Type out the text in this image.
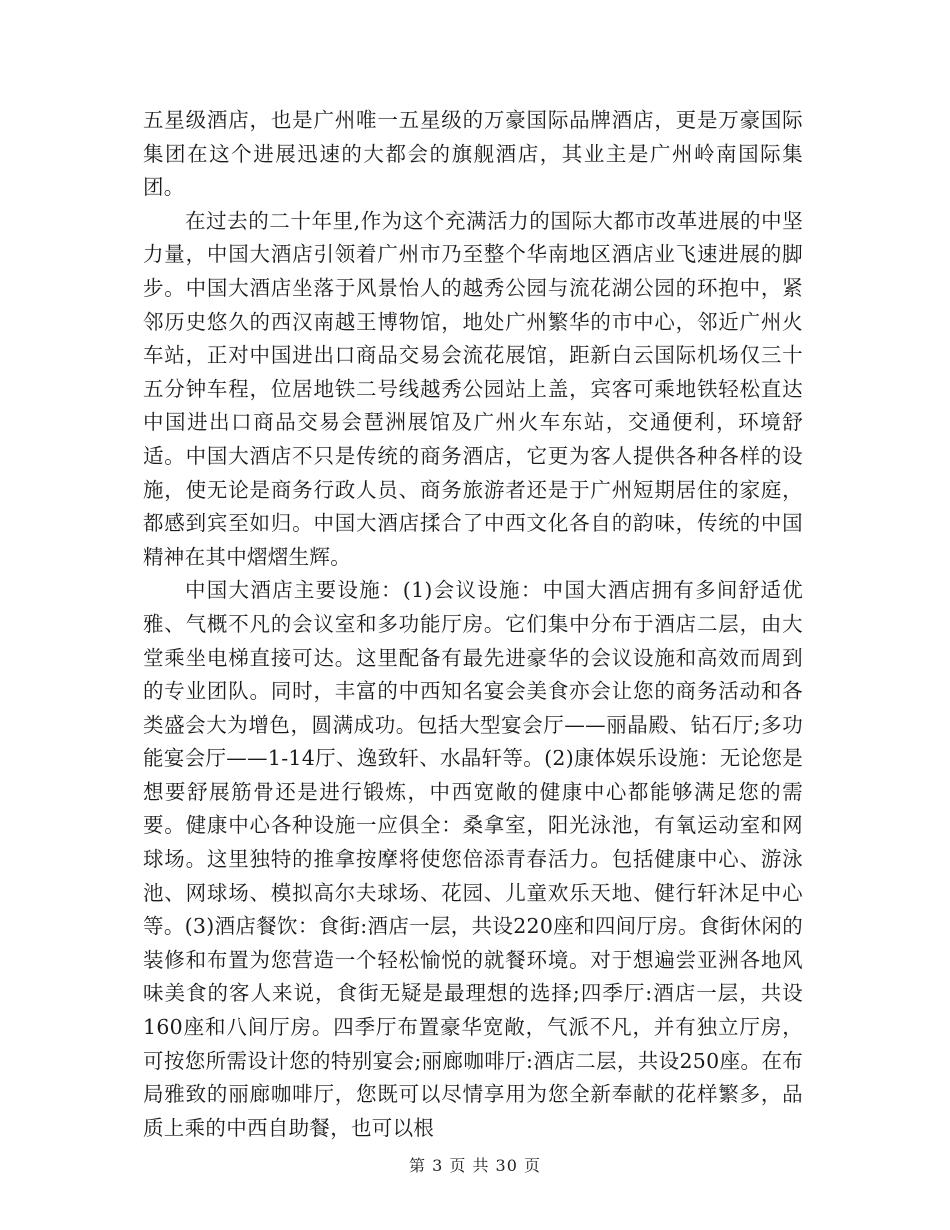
五星级酒店，也是广州唯一五星级的万豪国际品牌酒店，更是万豪国际集团在这个进展迅速的大都会的旗舰酒店，其业主是广州岭南国际集团。

在过去的二十年里,作为这个充满活力的国际大都市改革进展的中坚力量，中国大酒店引领着广州市乃至整个华南地区酒店业飞速进展的脚步。中国大酒店坐落于风景怡人的越秀公园与流花湖公园的环抱中，紧邻历史悠久的西汉南越王博物馆，地处广州繁华的市中心，邻近广州火车站，正对中国进出口商品交易会流花展馆，距新白云国际机场仅三十五分钟车程，位居地铁二号线越秀公园站上盖，宾客可乘地铁轻松直达中国进出口商品交易会琶洲展馆及广州火车东站，交通便利，环境舒适。中国大酒店不只是传统的商务酒店，它更为客人提供各种各样的设施，使无论是商务行政人员、商务旅游者还是于广州短期居住的家庭，都感到宾至如归。中国大酒店揉合了中西文化各自的韵味，传统的中国精神在其中熠熠生辉。

中国大酒店主要设施：(1)会议设施：中国大酒店拥有多间舒适优雅、气概不凡的会议室和多功能厅房。它们集中分布于酒店二层，由大堂乘坐电梯直接可达。这里配备有最先进豪华的会议设施和高效而周到的专业团队。同时，丰富的中西知名宴会美食亦会让您的商务活动和各类盛会大为增色，圆满成功。包括大型宴会厅——丽晶殿、钻石厅;多功能宴会厅——1-14厅、逸致轩、水晶轩等。(2)康体娱乐设施：无论您是想要舒展筋骨还是进行锻炼，中西宽敞的健康中心都能够满足您的需要。健康中心各种设施一应俱全：桑拿室，阳光泳池，有氧运动室和网球场。这里独特的推拿按摩将使您倍添青春活力。包括健康中心、游泳池、网球场、模拟高尔夫球场、花园、儿童欢乐天地、健行轩沐足中心等。(3)酒店餐饮：食街:酒店一层，共设220座和四间厅房。食街休闲的装修和布置为您营造一个轻松愉悦的就餐环境。对于想遍尝亚洲各地风味美食的客人来说，食街无疑是最理想的选择;四季厅:酒店一层，共设160座和八间厅房。四季厅布置豪华宽敞，气派不凡，并有独立厅房，可按您所需设计您的特别宴会;丽廊咖啡厅:酒店二层，共设250座。在布局雅致的丽廊咖啡厅，您既可以尽情享用为您全新奉献的花样繁多，品质上乘的中西自助餐，也可以根

第 3 页 共 30 页
